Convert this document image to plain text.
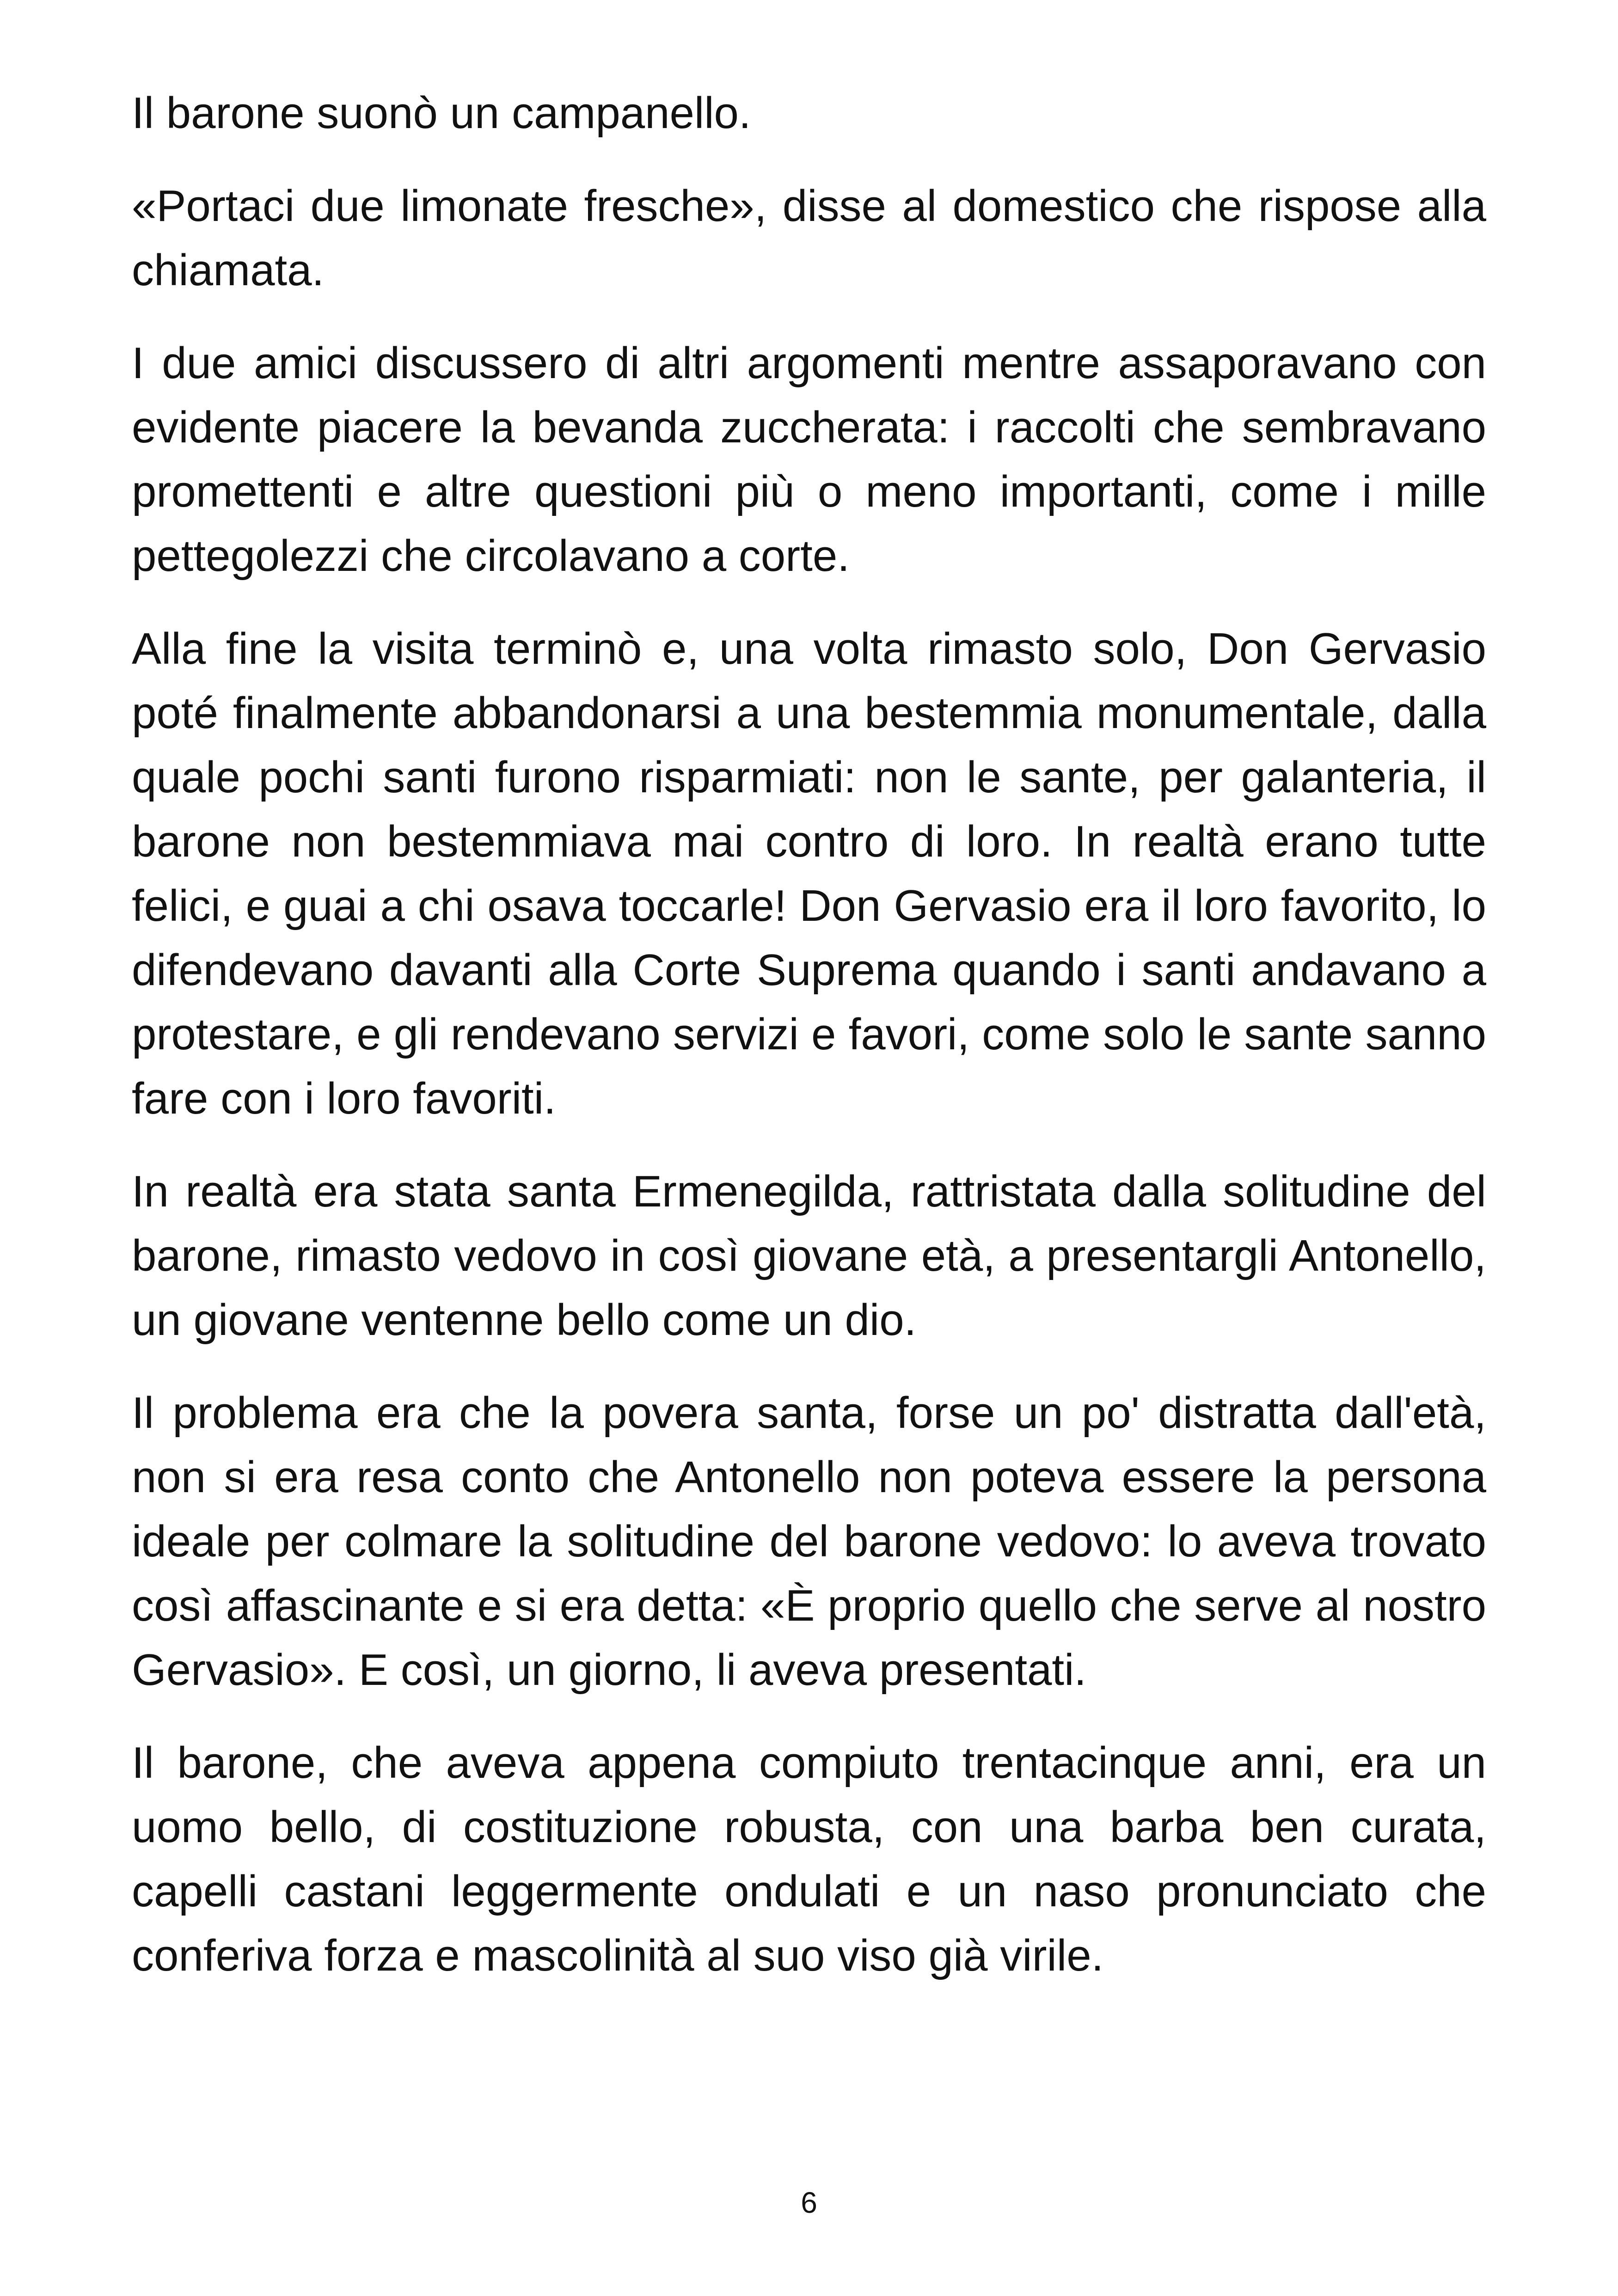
Il barone suonò un campanello.

«Portaci due limonate fresche», disse al domestico che rispose alla chiamata.

I due amici discussero di altri argomenti mentre assaporavano con evidente piacere la bevanda zuccherata: i raccolti che sembravano promettenti e altre questioni più o meno importanti, come i mille pettegolezzi che circolavano a corte.

Alla fine la visita terminò e, una volta rimasto solo, Don Gervasio poté finalmente abbandonarsi a una bestemmia monumentale, dalla quale pochi santi furono risparmiati: non le sante, per galanteria, il barone non bestemmiava mai contro di loro. In realtà erano tutte felici, e guai a chi osava toccarle! Don Gervasio era il loro favorito, lo difendevano davanti alla Corte Suprema quando i santi andavano a protestare, e gli rendevano servizi e favori, come solo le sante sanno fare con i loro favoriti.

In realtà era stata santa Ermenegilda, rattristata dalla solitudine del barone, rimasto vedovo in così giovane età, a presentargli Antonello, un giovane ventenne bello come un dio.

Il problema era che la povera santa, forse un po' distratta dall'età, non si era resa conto che Antonello non poteva essere la persona ideale per colmare la solitudine del barone vedovo: lo aveva trovato così affascinante e si era detta: «È proprio quello che serve al nostro Gervasio». E così, un giorno, li aveva presentati.

Il barone, che aveva appena compiuto trentacinque anni, era un uomo bello, di costituzione robusta, con una barba ben curata, capelli castani leggermente ondulati e un naso pronunciato che conferiva forza e mascolinità al suo viso già virile.

6
